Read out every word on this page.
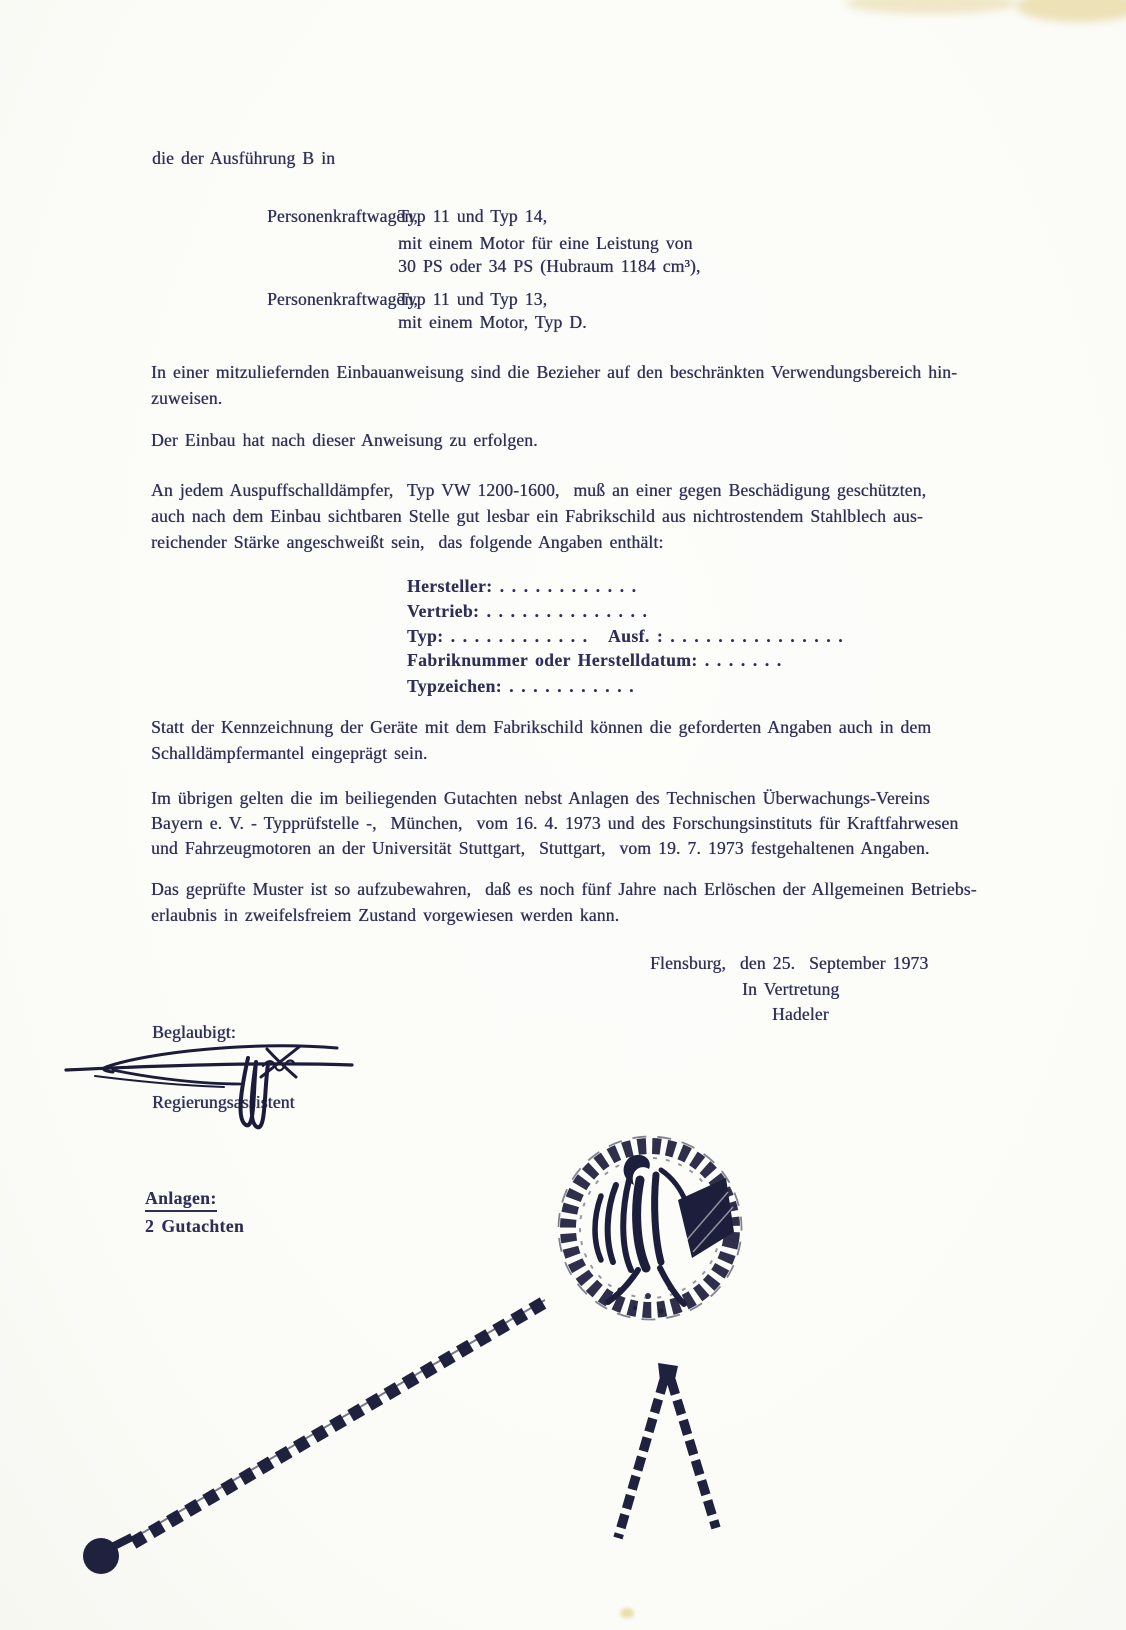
die der Ausführung B in
Personenkraftwagen,
Typ 11 und Typ 14,
mit einem Motor für eine Leistung von
30 PS oder 34 PS (Hubraum 1184 cm³),
Personenkraftwagen,
Typ 11 und Typ 13,
mit einem Motor, Typ D.
In einer mitzuliefernden Einbauanweisung sind die Bezieher auf den beschränkten Verwendungsbereich hin-
zuweisen.
Der Einbau hat nach dieser Anweisung zu erfolgen.
An jedem Auspuffschalldämpfer,  Typ VW 1200-1600,  muß an einer gegen Beschädigung geschützten,
auch nach dem Einbau sichtbaren Stelle gut lesbar ein Fabrikschild aus nichtrostendem Stahlblech aus-
reichender Stärke angeschweißt sein,  das folgende Angaben enthält:
Hersteller: . . . . . . . . . . . .
Vertrieb: . . . . . . . . . . . . . .
Typ: . . . . . . . . . . . .   Ausf. : . . . . . . . . . . . . . . .
Fabriknummer oder Herstelldatum: . . . . . . .
Typzeichen: . . . . . . . . . . .
Statt der Kennzeichnung der Geräte mit dem Fabrikschild können die geforderten Angaben auch in dem
Schalldämpfermantel eingeprägt sein.
Im übrigen gelten die im beiliegenden Gutachten nebst Anlagen des Technischen Überwachungs-Vereins
Bayern e. V. - Typprüfstelle -,  München,  vom 16. 4. 1973 und des Forschungsinstituts für Kraftfahrwesen
und Fahrzeugmotoren an der Universität Stuttgart,  Stuttgart,  vom 19. 7. 1973 festgehaltenen Angaben.
Das geprüfte Muster ist so aufzubewahren,  daß es noch fünf Jahre nach Erlöschen der Allgemeinen Betriebs-
erlaubnis in zweifelsfreiem Zustand vorgewiesen werden kann.
Flensburg,  den 25.  September 1973
In Vertretung
Hadeler
Beglaubigt:
Regierungsassistent
Anlagen:
2 Gutachten
